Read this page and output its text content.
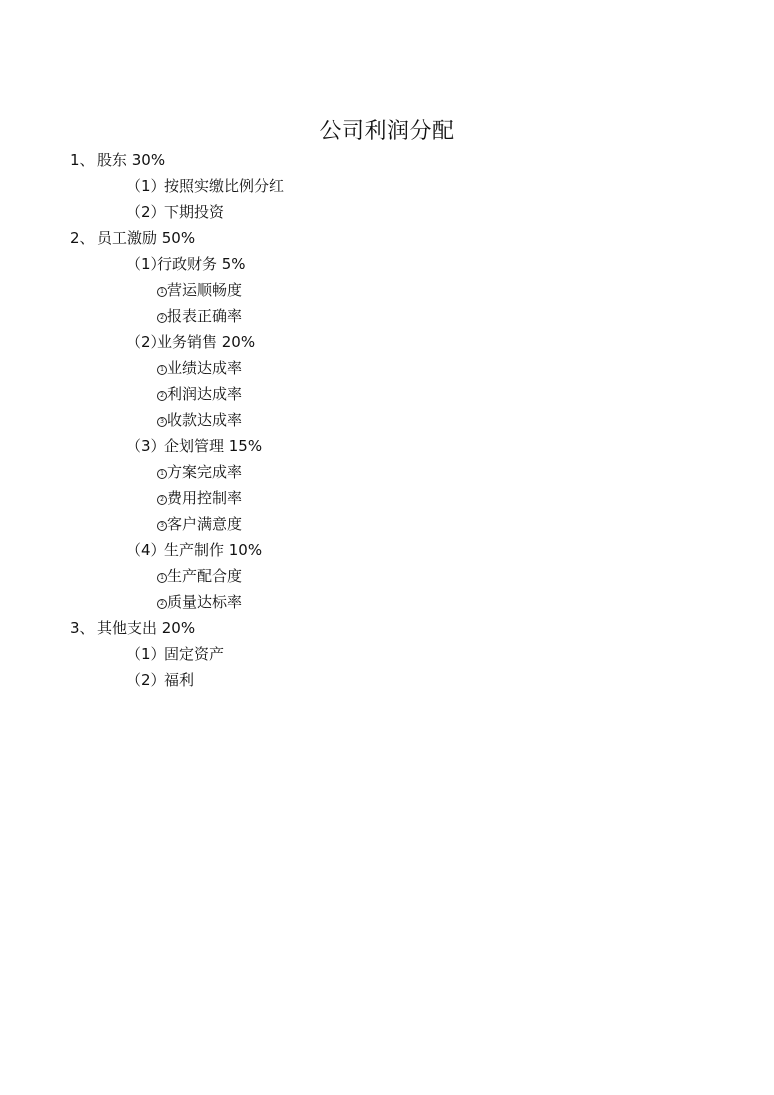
公司利润分配
1、 股东 30%
（1）按照实缴比例分红
（2）下期投资
2、 员工激励 50%
（1）行政财务 5%
1 营运顺畅度
2 报表正确率
（2）业务销售 20%
1 业绩达成率
2 利润达成率
3 收款达成率
（3）企划管理 15%
1 方案完成率
2 费用控制率
3 客户满意度
（4）生产制作 10%
1 生产配合度
2 质量达标率
3、 其他支出 20%
（1）固定资产
（2）福利
